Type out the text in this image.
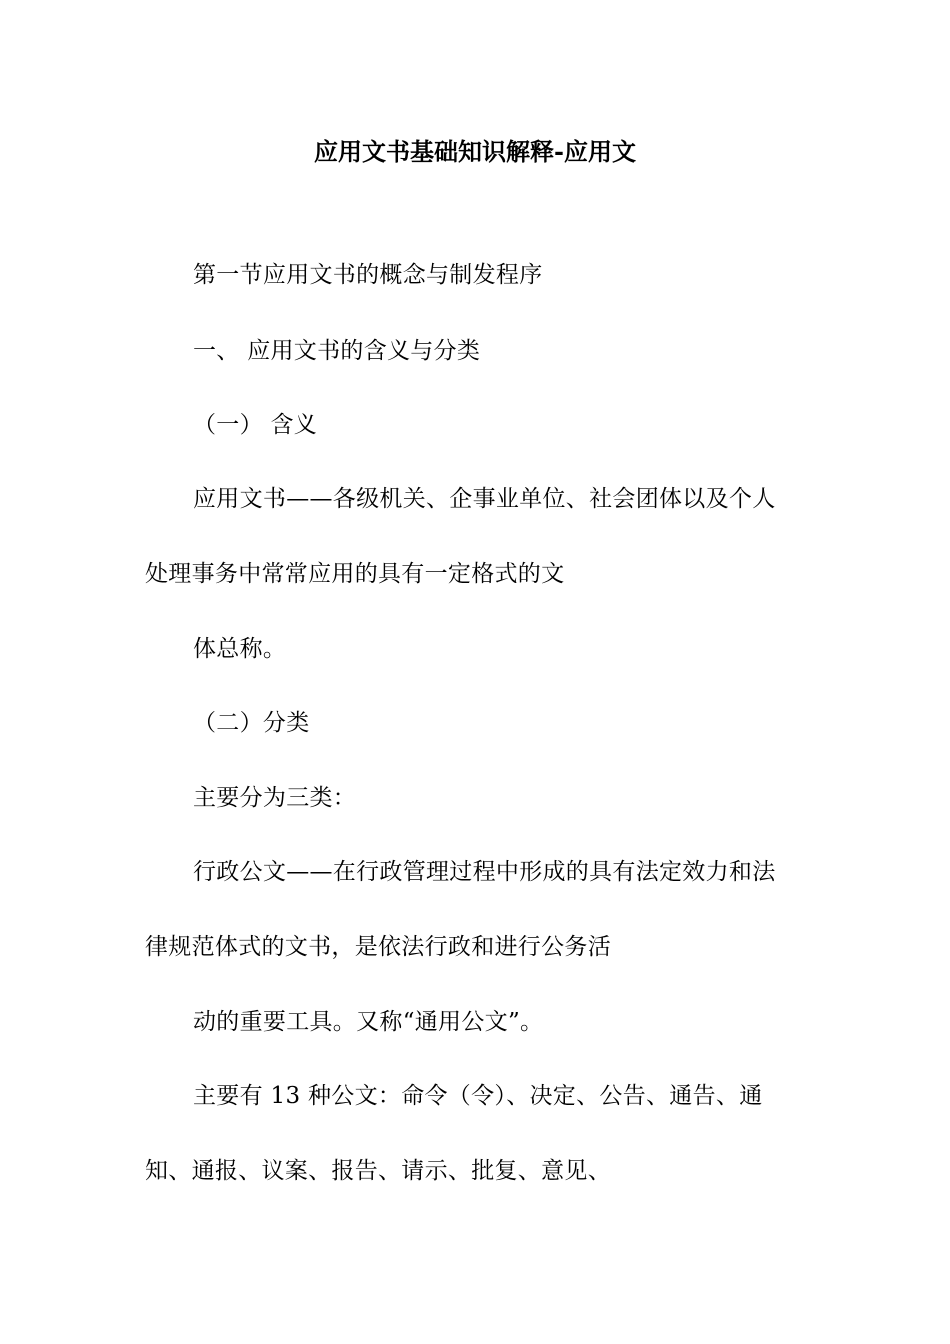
应用文书基础知识解释-应用文
第一节应用文书的概念与制发程序
一、 应用文书的含义与分类
（一） 含义
应用文书——各级机关、企事业单位、社会团体以及个人
处理事务中常常应用的具有一定格式的文
体总称。
（二）分类
主要分为三类：
行政公文——在行政管理过程中形成的具有法定效力和法
律规范体式的文书，是依法行政和进行公务活
动的重要工具。又称“通用公文”。
主要有 13 种公文：命令（令）、决定、公告、通告、通
知、通报、议案、报告、请示、批复、意见、
